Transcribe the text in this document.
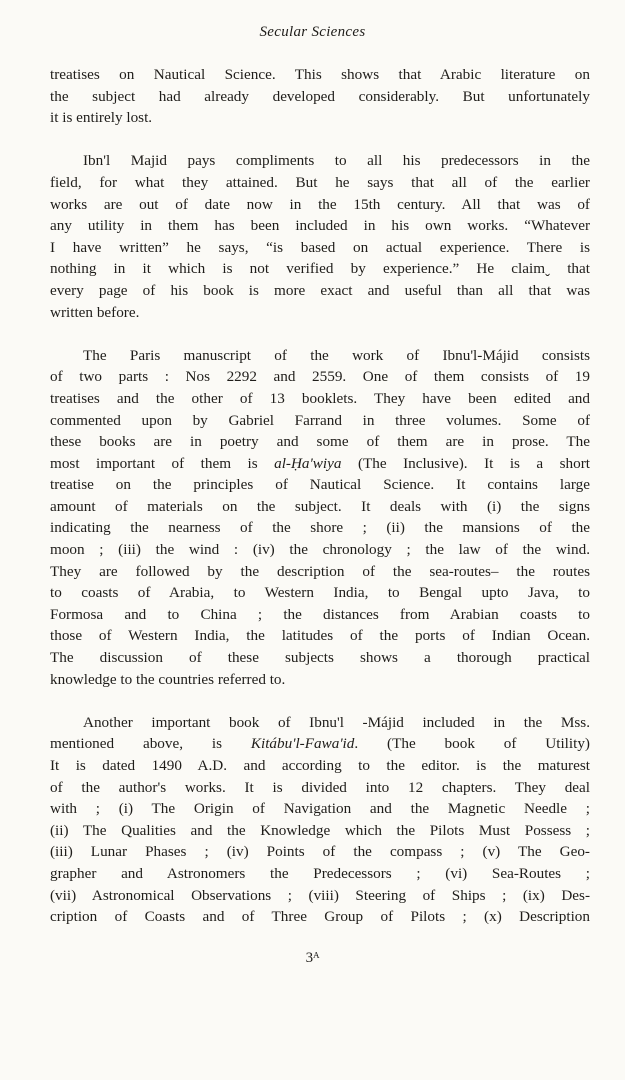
Secular Sciences

treatises on Nautical Science. This shows that Arabic literature on
the subject had already developed considerably. But unfortunately
it is entirely lost.

Ibn'l Majid pays compliments to all his predecessors in the
field, for what they attained. But he says that all of the earlier
works are out of date now in the 15th century. All that was of
any utility in them has been included in his own works. “Whatever
I have written” he says, “is based on actual experience. There is
nothing in it which is not verified by experience.” He claimˬ that
every page of his book is more exact and useful than all that was
written before.

The Paris manuscript of the work of Ibnu'l-Májid consists
of two parts : Nos 2292 and 2559. One of them consists of 19
treatises and the other of 13 booklets. They have been edited and
commented upon by Gabriel Farrand in three volumes. Some of
these books are in poetry and some of them are in prose. The
most important of them is al-Ḥa'wiya (The Inclusive). It is a short
treatise on the principles of Nautical Science. It contains large
amount of materials on the subject. It deals with (i) the signs
indicating the nearness of the shore ; (ii) the mansions of the
moon ; (iii) the wind : (iv) the chronology ; the law of the wind.
They are followed by the description of the sea-routes– the routes
to coasts of Arabia, to Western India, to Bengal upto Java, to
Formosa and to China ; the distances from Arabian coasts to
those of Western India, the latitudes of the ports of Indian Ocean.
The discussion of these subjects shows a thorough practical
knowledge to the countries referred to.

Another important book of Ibnu'l -Májid included in the Mss.
mentioned above, is Kitábu'l-Fawa'id. (The book of Utility)
It is dated 1490 A.D. and according to the editor. is the maturest
of the author's works. It is divided into 12 chapters. They deal
with ; (i) The Origin of Navigation and the Magnetic Needle ;
(ii) The Qualities and the Knowledge which the Pilots Must Possess ;
(iii) Lunar Phases ; (iv) Points of the compass ; (v) The Geo-
grapher and Astronomers the Predecessors ; (vi) Sea-Routes ;
(vii) Astronomical Observations ; (viii) Steering of Ships ; (ix) Des-
cription of Coasts and of Three Group of Pilots ; (x) Description

3ᴬ
